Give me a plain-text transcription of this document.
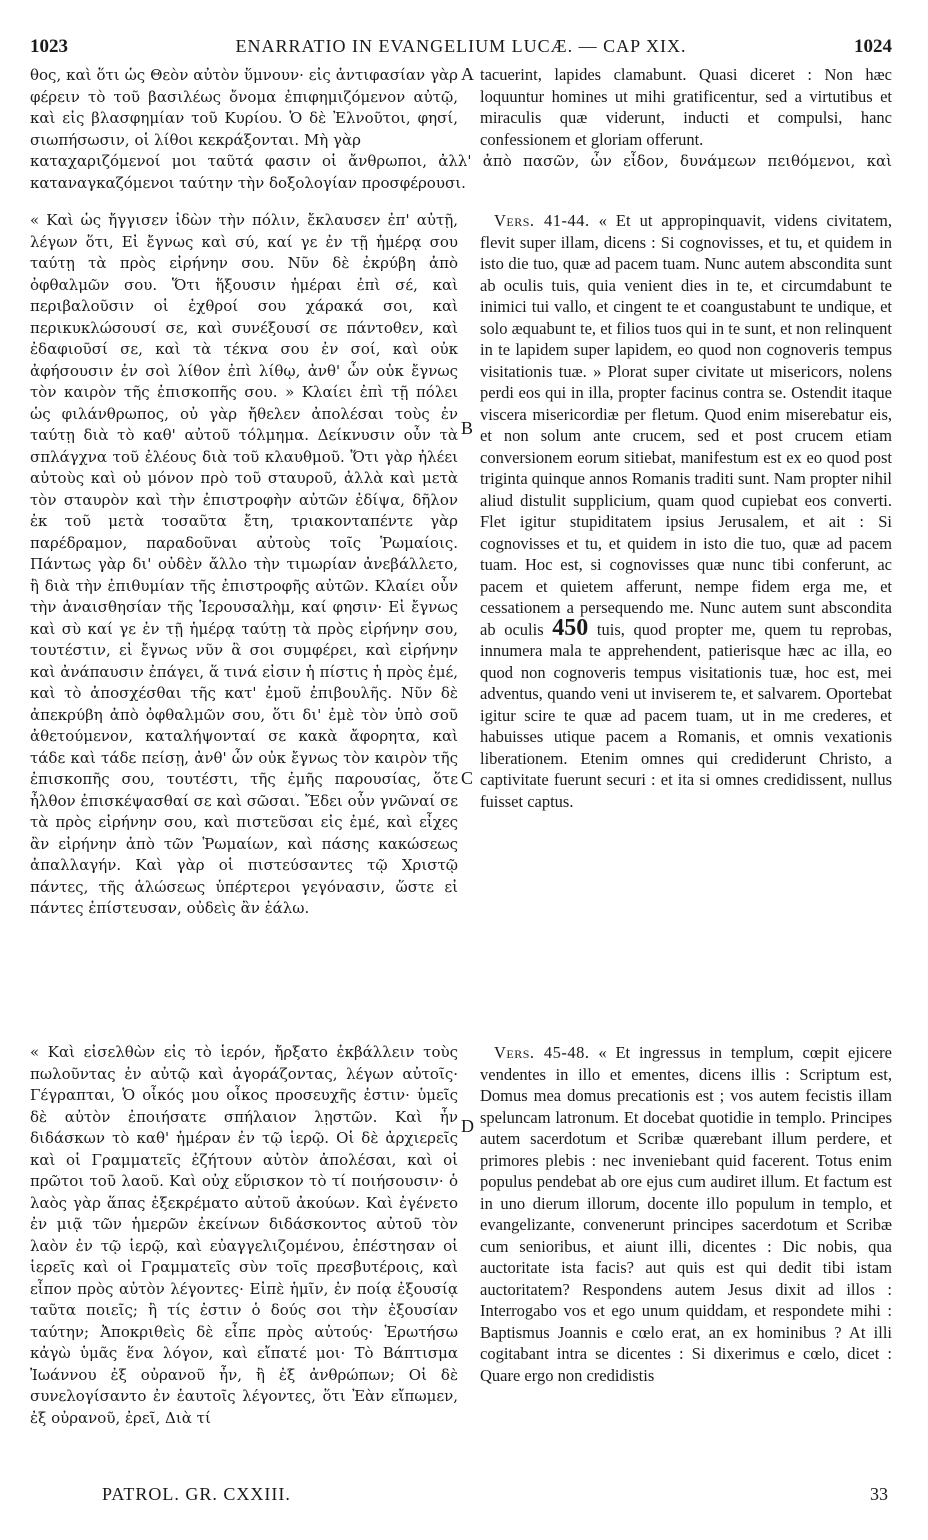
1023	ENARRATIO IN EVANGELIUM LUCÆ. — CAP XIX.	1024

θος, καὶ ὅτι ὡς Θεὸν αὐτὸν ὕμνουν· εἰς ἀντιφασίαν γὰρ φέρειν τὸ τοῦ βασιλέως ὄνομα ἐπιφημιζόμενον αὐτῷ, καὶ εἰς βλασφημίαν τοῦ Κυρίου. Ὁ δὲ Ἐλνοῦτοι, φησί, σιωπήσωσιν, οἱ λίθοι κεκράξονται. Μὴ γὰρ

tacuerint, lapides clamabunt. Quasi diceret : Non hæc loquuntur homines ut mihi gratificentur, sed a virtutibus et miraculis quæ viderunt, inducti et compulsi, hanc confessionem et gloriam offerunt.

καταχαριζόμενοί μοι ταῦτά φασιν οἱ ἄνθρωποι, ἀλλ' ἀπὸ πασῶν, ὧν εἶδον, δυνάμεων πειθόμενοι, καὶ καταναγκαζόμενοι ταύτην τὴν δοξολογίαν προσφέρουσι.

« Καὶ ὡς ἤγγισεν ἰδὼν τὴν πόλιν, ἔκλαυσεν ἐπ' αὐτῇ, λέγων ὅτι, Εἰ ἔγνως καὶ σύ, καί γε ἐν τῇ ἡμέρᾳ σου ταύτῃ τὰ πρὸς εἰρήνην σου. Νῦν δὲ ἐκρύβη ἀπὸ ὀφθαλμῶν σου. Ὅτι ἥξουσιν ἡμέραι ἐπὶ σέ, καὶ περιβαλοῦσιν οἱ ἐχθροί σου χάρακά σοι, καὶ περικυκλώσουσί σε, καὶ συνέξουσί σε πάντοθεν, καὶ ἐδαφιοῦσί σε, καὶ τὰ τέκνα σου ἐν σοί, καὶ οὐκ ἀφήσουσιν ἐν σοὶ λίθον ἐπὶ λίθῳ, ἀνθ' ὧν οὐκ ἔγνως τὸν καιρὸν τῆς ἐπισκοπῆς σου. » Κλαίει ἐπὶ τῇ πόλει ὡς φιλάνθρωπος, οὐ γὰρ ἤθελεν ἀπολέσαι τοὺς ἐν ταύτῃ διὰ τὸ καθ' αὐτοῦ τόλμημα. Δείκνυσιν οὖν τὰ σπλάγχνα τοῦ ἐλέους διὰ τοῦ κλαυθμοῦ. Ὅτι γὰρ ἠλέει αὐτοὺς καὶ οὐ μόνον πρὸ τοῦ σταυροῦ, ἀλλὰ καὶ μετὰ τὸν σταυρὸν καὶ τὴν ἐπιστροφὴν αὐτῶν ἐδίψα, δῆλον ἐκ τοῦ μετὰ τοσαῦτα ἔτη, τριακονταπέντε γὰρ παρέδραμον, παραδοῦναι αὐτοὺς τοῖς Ῥωμαίοις. Πάντως γὰρ δι' οὐδὲν ἄλλο τὴν τιμωρίαν ἀνεβάλλετο, ἢ διὰ τὴν ἐπιθυμίαν τῆς ἐπιστροφῆς αὐτῶν. Κλαίει οὖν τὴν ἀναισθησίαν τῆς Ἱερουσαλὴμ, καί φησιν· Εἰ ἔγνως καὶ σὺ καί γε ἐν τῇ ἡμέρᾳ ταύτῃ τὰ πρὸς εἰρήνην σου, τουτέστιν, εἰ ἔγνως νῦν ἃ σοι συμφέρει, καὶ εἰρήνην καὶ ἀνάπαυσιν ἐπάγει, ἅ τινά εἰσιν ἡ πίστις ἡ πρὸς ἐμέ, καὶ τὸ ἀποσχέσθαι τῆς κατ' ἐμοῦ ἐπιβουλῆς. Νῦν δὲ ἀπεκρύβη ἀπὸ ὀφθαλμῶν σου, ὅτι δι' ἐμὲ τὸν ὑπὸ σοῦ ἀθετούμενον, καταλήψονταί σε κακὰ ἄφορητα, καὶ τάδε καὶ τάδε πείσῃ, ἀνθ' ὧν οὐκ ἔγνως τὸν καιρὸν τῆς ἐπισκοπῆς σου, τουτέστι, τῆς ἐμῆς παρουσίας, ὅτε ἦλθον ἐπισκέψασθαί σε καὶ σῶσαι. Ἔδει οὖν γνῶναί σε τὰ πρὸς εἰρήνην σου, καὶ πιστεῦσαι εἰς ἐμέ, καὶ εἶχες ἂν εἰρήνην ἀπὸ τῶν Ῥωμαίων, καὶ πάσης κακώσεως ἀπαλλαγήν. Καὶ γὰρ οἱ πιστεύσαντες τῷ Χριστῷ πάντες, τῆς ἁλώσεως ὑπέρτεροι γεγόνασιν, ὥστε εἰ πάντες ἐπίστευσαν, οὐδεὶς ἂν ἑάλω.

Vers. 41-44. « Et ut appropinquavit, videns civitatem, flevit super illam, dicens : Si cognovisses, et tu, et quidem in isto die tuo, quæ ad pacem tuam. Nunc autem abscondita sunt ab oculis tuis, quia venient dies in te, et circumdabunt te inimici tui vallo, et cingent te et coangustabunt te undique, et solo æquabunt te, et filios tuos qui in te sunt, et non relinquent in te lapidem super lapidem, eo quod non cognoveris tempus visitationis tuæ. » Plorat super civitate ut misericors, nolens perdi eos qui in illa, propter facinus contra se. Ostendit itaque viscera misericordiæ per fletum. Quod enim miserebatur eis, et non solum ante crucem, sed et post crucem etiam conversionem eorum sitiebat, manifestum est ex eo quod post triginta quinque annos Romanis traditi sunt. Nam propter nihil aliud distulit supplicium, quam quod cupiebat eos converti. Flet igitur stupiditatem ipsius Jerusalem, et ait : Si cognovisses et tu, et quidem in isto die tuo, quæ ad pacem tuam. Hoc est, si cognovisses quæ nunc tibi conferunt, ac pacem et quietem afferunt, nempe fidem erga me, et cessationem a persequendo me. Nunc autem sunt abscondita ab oculis 450 tuis, quod propter me, quem tu reprobas, innumera mala te apprehendent, patierisque hæc ac illa, eo quod non cognoveris tempus visitationis tuæ, hoc est, mei adventus, quando veni ut inviserem te, et salvarem. Oportebat igitur scire te quæ ad pacem tuam, ut in me crederes, et habuisses utique pacem a Romanis, et omnis vexationis liberationem. Etenim omnes qui crediderunt Christo, a captivitate fuerunt securi : et ita si omnes credidissent, nullus fuisset captus.

« Καὶ εἰσελθὼν εἰς τὸ ἱερόν, ἤρξατο ἐκβάλλειν τοὺς πωλοῦντας ἐν αὐτῷ καὶ ἀγοράζοντας, λέγων αὐτοῖς· Γέγραπται, Ὁ οἶκός μου οἶκος προσευχῆς ἐστιν· ὑμεῖς δὲ αὐτὸν ἐποιήσατε σπήλαιον λῃστῶν. Καὶ ἦν διδάσκων τὸ καθ' ἡμέραν ἐν τῷ ἱερῷ. Οἱ δὲ ἀρχιερεῖς καὶ οἱ Γραμματεῖς ἐζήτουν αὐτὸν ἀπολέσαι, καὶ οἱ πρῶτοι τοῦ λαοῦ. Καὶ οὐχ εὕρισκον τὸ τί ποιήσουσιν· ὁ λαὸς γὰρ ἅπας ἐξεκρέματο αὐτοῦ ἀκούων. Καὶ ἐγένετο ἐν μιᾷ τῶν ἡμερῶν ἐκείνων διδάσκοντος αὐτοῦ τὸν λαὸν ἐν τῷ ἱερῷ, καὶ εὐαγγελιζομένου, ἐπέστησαν οἱ ἱερεῖς καὶ οἱ Γραμματεῖς σὺν τοῖς πρεσβυτέροις, καὶ εἶπον πρὸς αὐτὸν λέγοντες· Εἰπὲ ἡμῖν, ἐν ποίᾳ ἐξουσίᾳ ταῦτα ποιεῖς; ἢ τίς ἐστιν ὁ δούς σοι τὴν ἐξουσίαν ταύτην; Ἀποκριθεὶς δὲ εἶπε πρὸς αὐτούς· Ἐρωτήσω κἀγὼ ὑμᾶς ἕνα λόγον, καὶ εἴπατέ μοι· Τὸ Βάπτισμα Ἰωάννου ἐξ οὐρανοῦ ἦν, ἢ ἐξ ἀνθρώπων; Οἱ δὲ συνελογίσαντο ἐν ἑαυτοῖς λέγοντες, ὅτι Ἐὰν εἴπωμεν, ἐξ οὐρανοῦ, ἐρεῖ, Διὰ τί

Vers. 45-48. « Et ingressus in templum, cœpit ejicere vendentes in illo et ementes, dicens illis : Scriptum est, Domus mea domus precationis est ; vos autem fecistis illam speluncam latronum. Et docebat quotidie in templo. Principes autem sacerdotum et Scribæ quærebant illum perdere, et primores plebis : nec inveniebant quid facerent. Totus enim populus pendebat ab ore ejus cum audiret illum. Et factum est in uno dierum illorum, docente illo populum in templo, et evangelizante, convenerunt principes sacerdotum et Scribæ cum senioribus, et aiunt illi, dicentes : Dic nobis, qua auctoritate ista facis? aut quis est qui dedit tibi istam auctoritatem? Respondens autem Jesus dixit ad illos : Interrogabo vos et ego unum quiddam, et respondete mihi : Baptismus Joannis e cœlo erat, an ex hominibus ? At illi cogitabant intra se dicentes : Si dixerimus e cœlo, dicet : Quare ergo non credidistis

A
B
C
D
PATROL. GR. CXXIII.	33
